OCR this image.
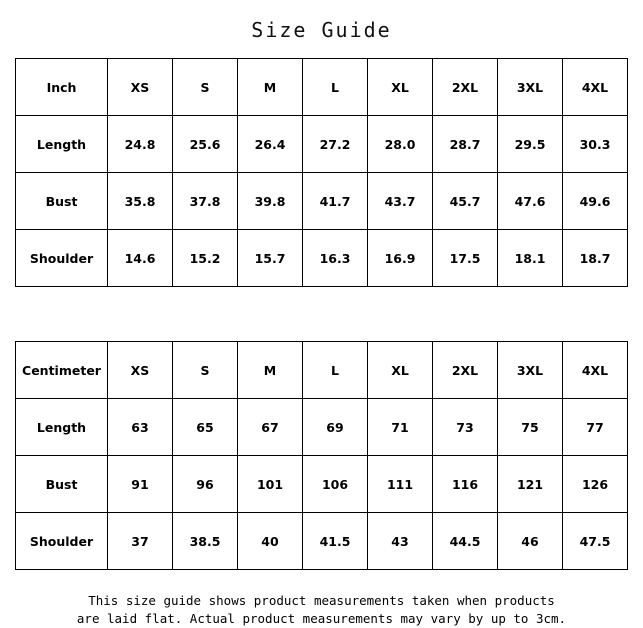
Size Guide
Inch	XS	S	M	L	XL	2XL	3XL	4XL
Length	24.8	25.6	26.4	27.2	28.0	28.7	29.5	30.3
Bust	35.8	37.8	39.8	41.7	43.7	45.7	47.6	49.6
Shoulder	14.6	15.2	15.7	16.3	16.9	17.5	18.1	18.7
Centimeter	XS	S	M	L	XL	2XL	3XL	4XL
Length	63	65	67	69	71	73	75	77
Bust	91	96	101	106	111	116	121	126
Shoulder	37	38.5	40	41.5	43	44.5	46	47.5
This size guide shows product measurements taken when products
are laid flat. Actual product measurements may vary by up to 3cm.
